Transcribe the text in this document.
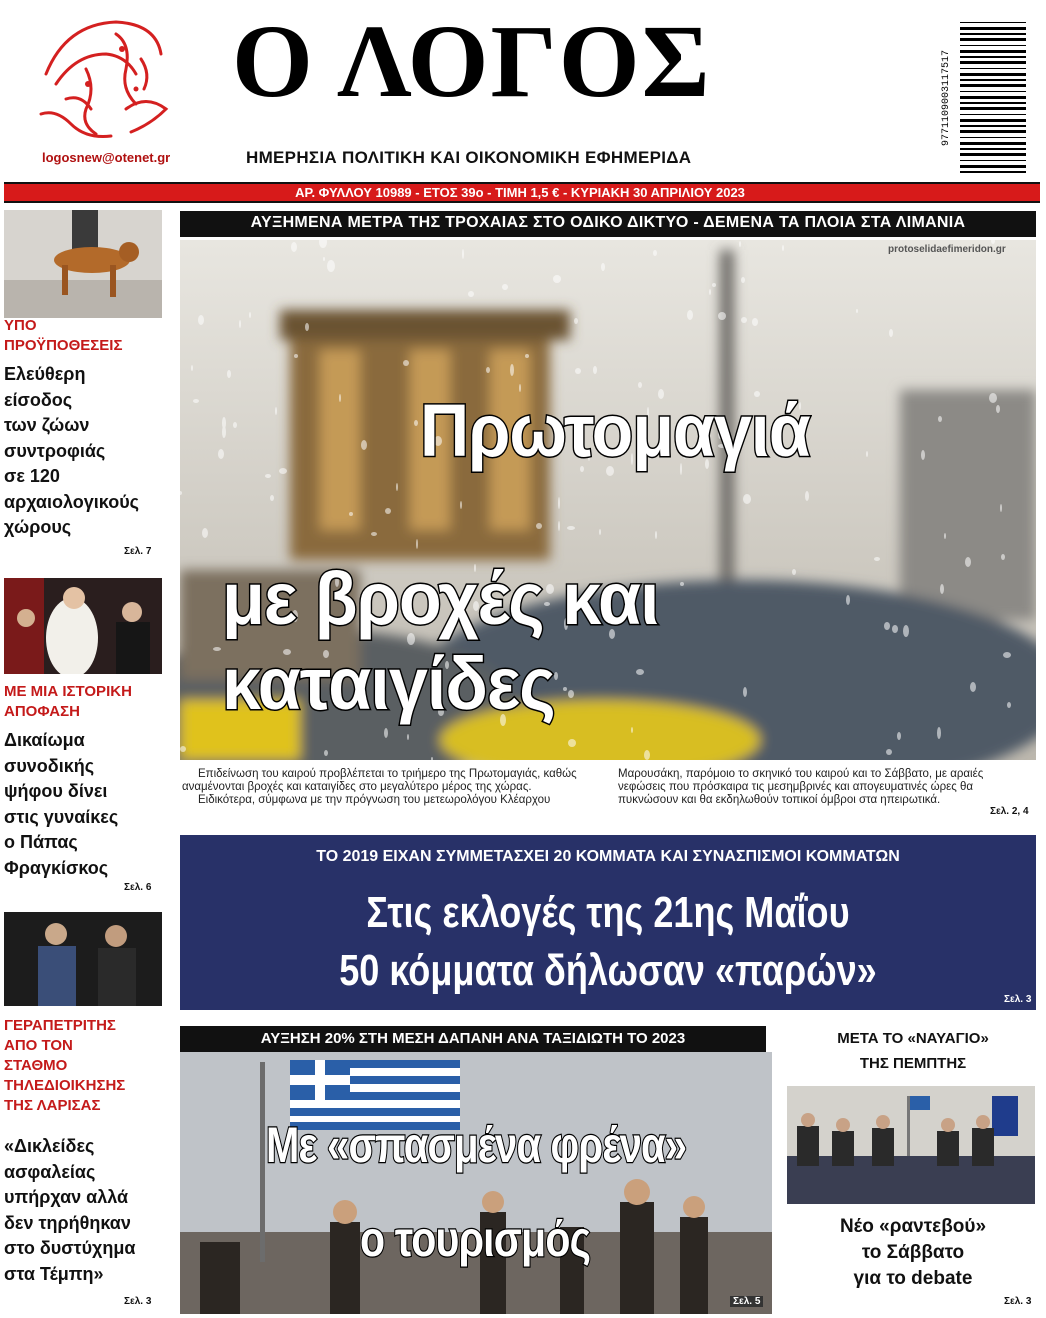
logosnew@otenet.gr
Ο ΛΟΓΟΣ
ΗΜΕΡΗΣΙΑ ΠΟΛΙΤΙΚΗ ΚΑΙ ΟΙΚΟΝΟΜΙΚΗ ΕΦΗΜΕΡΙΔΑ
9771109003117517
ΑΡ. ΦΥΛΛΟΥ 10989 - ΕΤΟΣ 39ο - ΤΙΜΗ 1,5 € - ΚΥΡΙΑΚΗ 30 ΑΠΡΙΛΙΟΥ 2023
ΥΠΟ
ΠΡΟΫΠΟΘΕΣΕΙΣ
Ελεύθερη
είσοδος
των ζώων
συντροφιάς
σε 120
αρχαιολογικούς
χώρους
Σελ. 7
ΜΕ ΜΙΑ ΙΣΤΟΡΙΚΗ
ΑΠΟΦΑΣΗ
Δικαίωμα
συνοδικής
ψήφου δίνει
στις γυναίκες
ο Πάπας
Φραγκίσκος
Σελ. 6
ΓΕΡΑΠΕΤΡΙΤΗΣ
ΑΠΟ ΤΟΝ
ΣΤΑΘΜΟ
ΤΗΛΕΔΙΟΙΚΗΣΗΣ
ΤΗΣ ΛΑΡΙΣΑΣ
«Δικλείδες
ασφαλείας
υπήρχαν αλλά
δεν τηρήθηκαν
στο δυστύχημα
στα Τέμπη»
Σελ. 3
ΑΥΞΗΜΕΝΑ ΜΕΤΡΑ ΤΗΣ ΤΡΟΧΑΙΑΣ ΣΤΟ ΟΔΙΚΟ ΔΙΚΤΥΟ - ΔΕΜΕΝΑ ΤΑ ΠΛΟΙΑ ΣΤΑ ΛΙΜΑΝΙΑ
protoselidaefimeridon.gr
Πρωτομαγιά
με βροχές και καταιγίδες
Επιδείνωση του καιρού προβλέπεται το τριήμερο της Πρωτομαγιάς, καθώς αναμένονται βροχές και καταιγίδες στο μεγαλύτερο μέρος της χώρας.
Ειδικότερα, σύμφωνα με την πρόγνωση του μετεωρολόγου Κλέαρχου
Μαρουσάκη, παρόμοιο το σκηνικό του καιρού και το Σάββατο, με αραιές νεφώσεις που πρόσκαιρα τις μεσημβρινές και απογευματινές ώρες θα πυκνώσουν και θα εκδηλωθούν τοπικοί όμβροι στα ηπειρωτικά.
Σελ. 2, 4
ΤΟ 2019 ΕΙΧΑΝ ΣΥΜΜΕΤΑΣΧΕΙ 20 ΚΟΜΜΑΤΑ ΚΑΙ ΣΥΝΑΣΠΙΣΜΟΙ ΚΟΜΜΑΤΩΝ
Στις εκλογές της 21ης Μαΐου
50 κόμματα δήλωσαν «παρών»
Σελ. 3
ΑΥΞΗΣΗ 20% ΣΤΗ ΜΕΣΗ ΔΑΠΑΝΗ ΑΝΑ ΤΑΞΙΔΙΩΤΗ ΤΟ 2023
Με «σπασμένα φρένα»
ο τουρισμός
Σελ. 5
ΜΕΤΑ ΤΟ «ΝΑΥΑΓΙΟ»
ΤΗΣ ΠΕΜΠΤΗΣ
Νέο «ραντεβού»
το Σάββατο
για το debate
Σελ. 3
